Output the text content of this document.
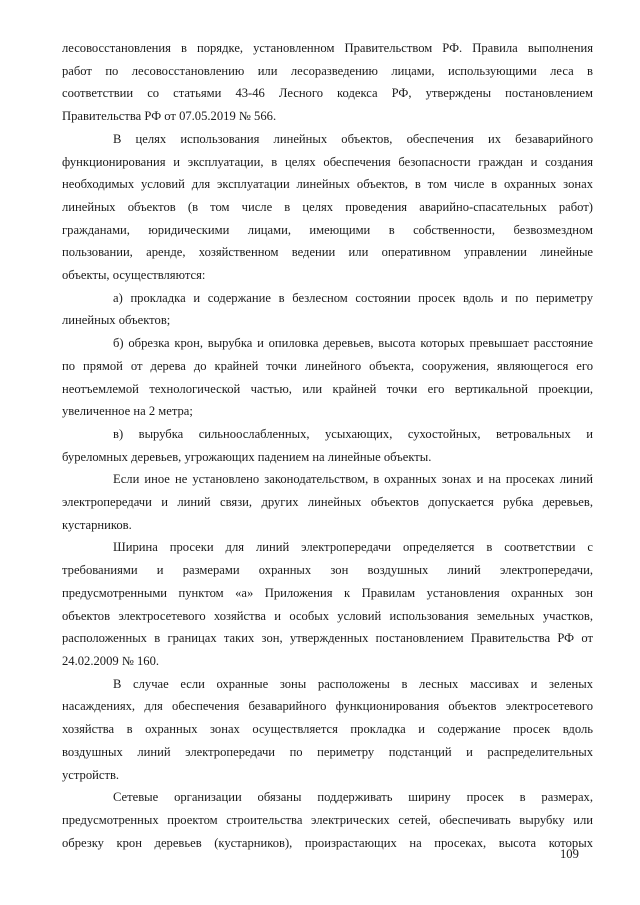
лесовосстановления в порядке, установленном Правительством РФ. Правила выполнения
работ по лесовосстановлению или лесоразведению лицами, использующими леса в
соответствии со статьями 43-46 Лесного кодекса РФ, утверждены постановлением
Правительства РФ от 07.05.2019 № 566.
В целях использования линейных объектов, обеспечения их безаварийного
функционирования и эксплуатации, в целях обеспечения безопасности граждан и создания
необходимых условий для эксплуатации линейных объектов, в том числе в охранных зонах
линейных объектов (в том числе в целях проведения аварийно-спасательных работ)
гражданами, юридическими лицами, имеющими в собственности, безвозмездном
пользовании, аренде, хозяйственном ведении или оперативном управлении линейные
объекты, осуществляются:
а) прокладка и содержание в безлесном состоянии просек вдоль и по периметру
линейных объектов;
б) обрезка крон, вырубка и опиловка деревьев, высота которых превышает расстояние
по прямой от дерева до крайней точки линейного объекта, сооружения, являющегося его
неотъемлемой технологической частью, или крайней точки его вертикальной проекции,
увеличенное на 2 метра;
в) вырубка сильноослабленных, усыхающих, сухостойных, ветровальных и
буреломных деревьев, угрожающих падением на линейные объекты.
Если иное не установлено законодательством, в охранных зонах и на просеках линий
электропередачи и линий связи, других линейных объектов допускается рубка деревьев,
кустарников.
Ширина просеки для линий электропередачи определяется в соответствии с
требованиями и размерами охранных зон воздушных линий электропередачи,
предусмотренными пунктом «а» Приложения к Правилам установления охранных зон
объектов электросетевого хозяйства и особых условий использования земельных участков,
расположенных в границах таких зон, утвержденных постановлением Правительства РФ от
24.02.2009 № 160.
В случае если охранные зоны расположены в лесных массивах и зеленых
насаждениях, для обеспечения безаварийного функционирования объектов электросетевого
хозяйства в охранных зонах осуществляется прокладка и содержание просек вдоль
воздушных линий электропередачи по периметру подстанций и распределительных
устройств.
Сетевые организации обязаны поддерживать ширину просек в размерах,
предусмотренных проектом строительства электрических сетей, обеспечивать вырубку или
обрезку крон деревьев (кустарников), произрастающих на просеках, высота которых
109
